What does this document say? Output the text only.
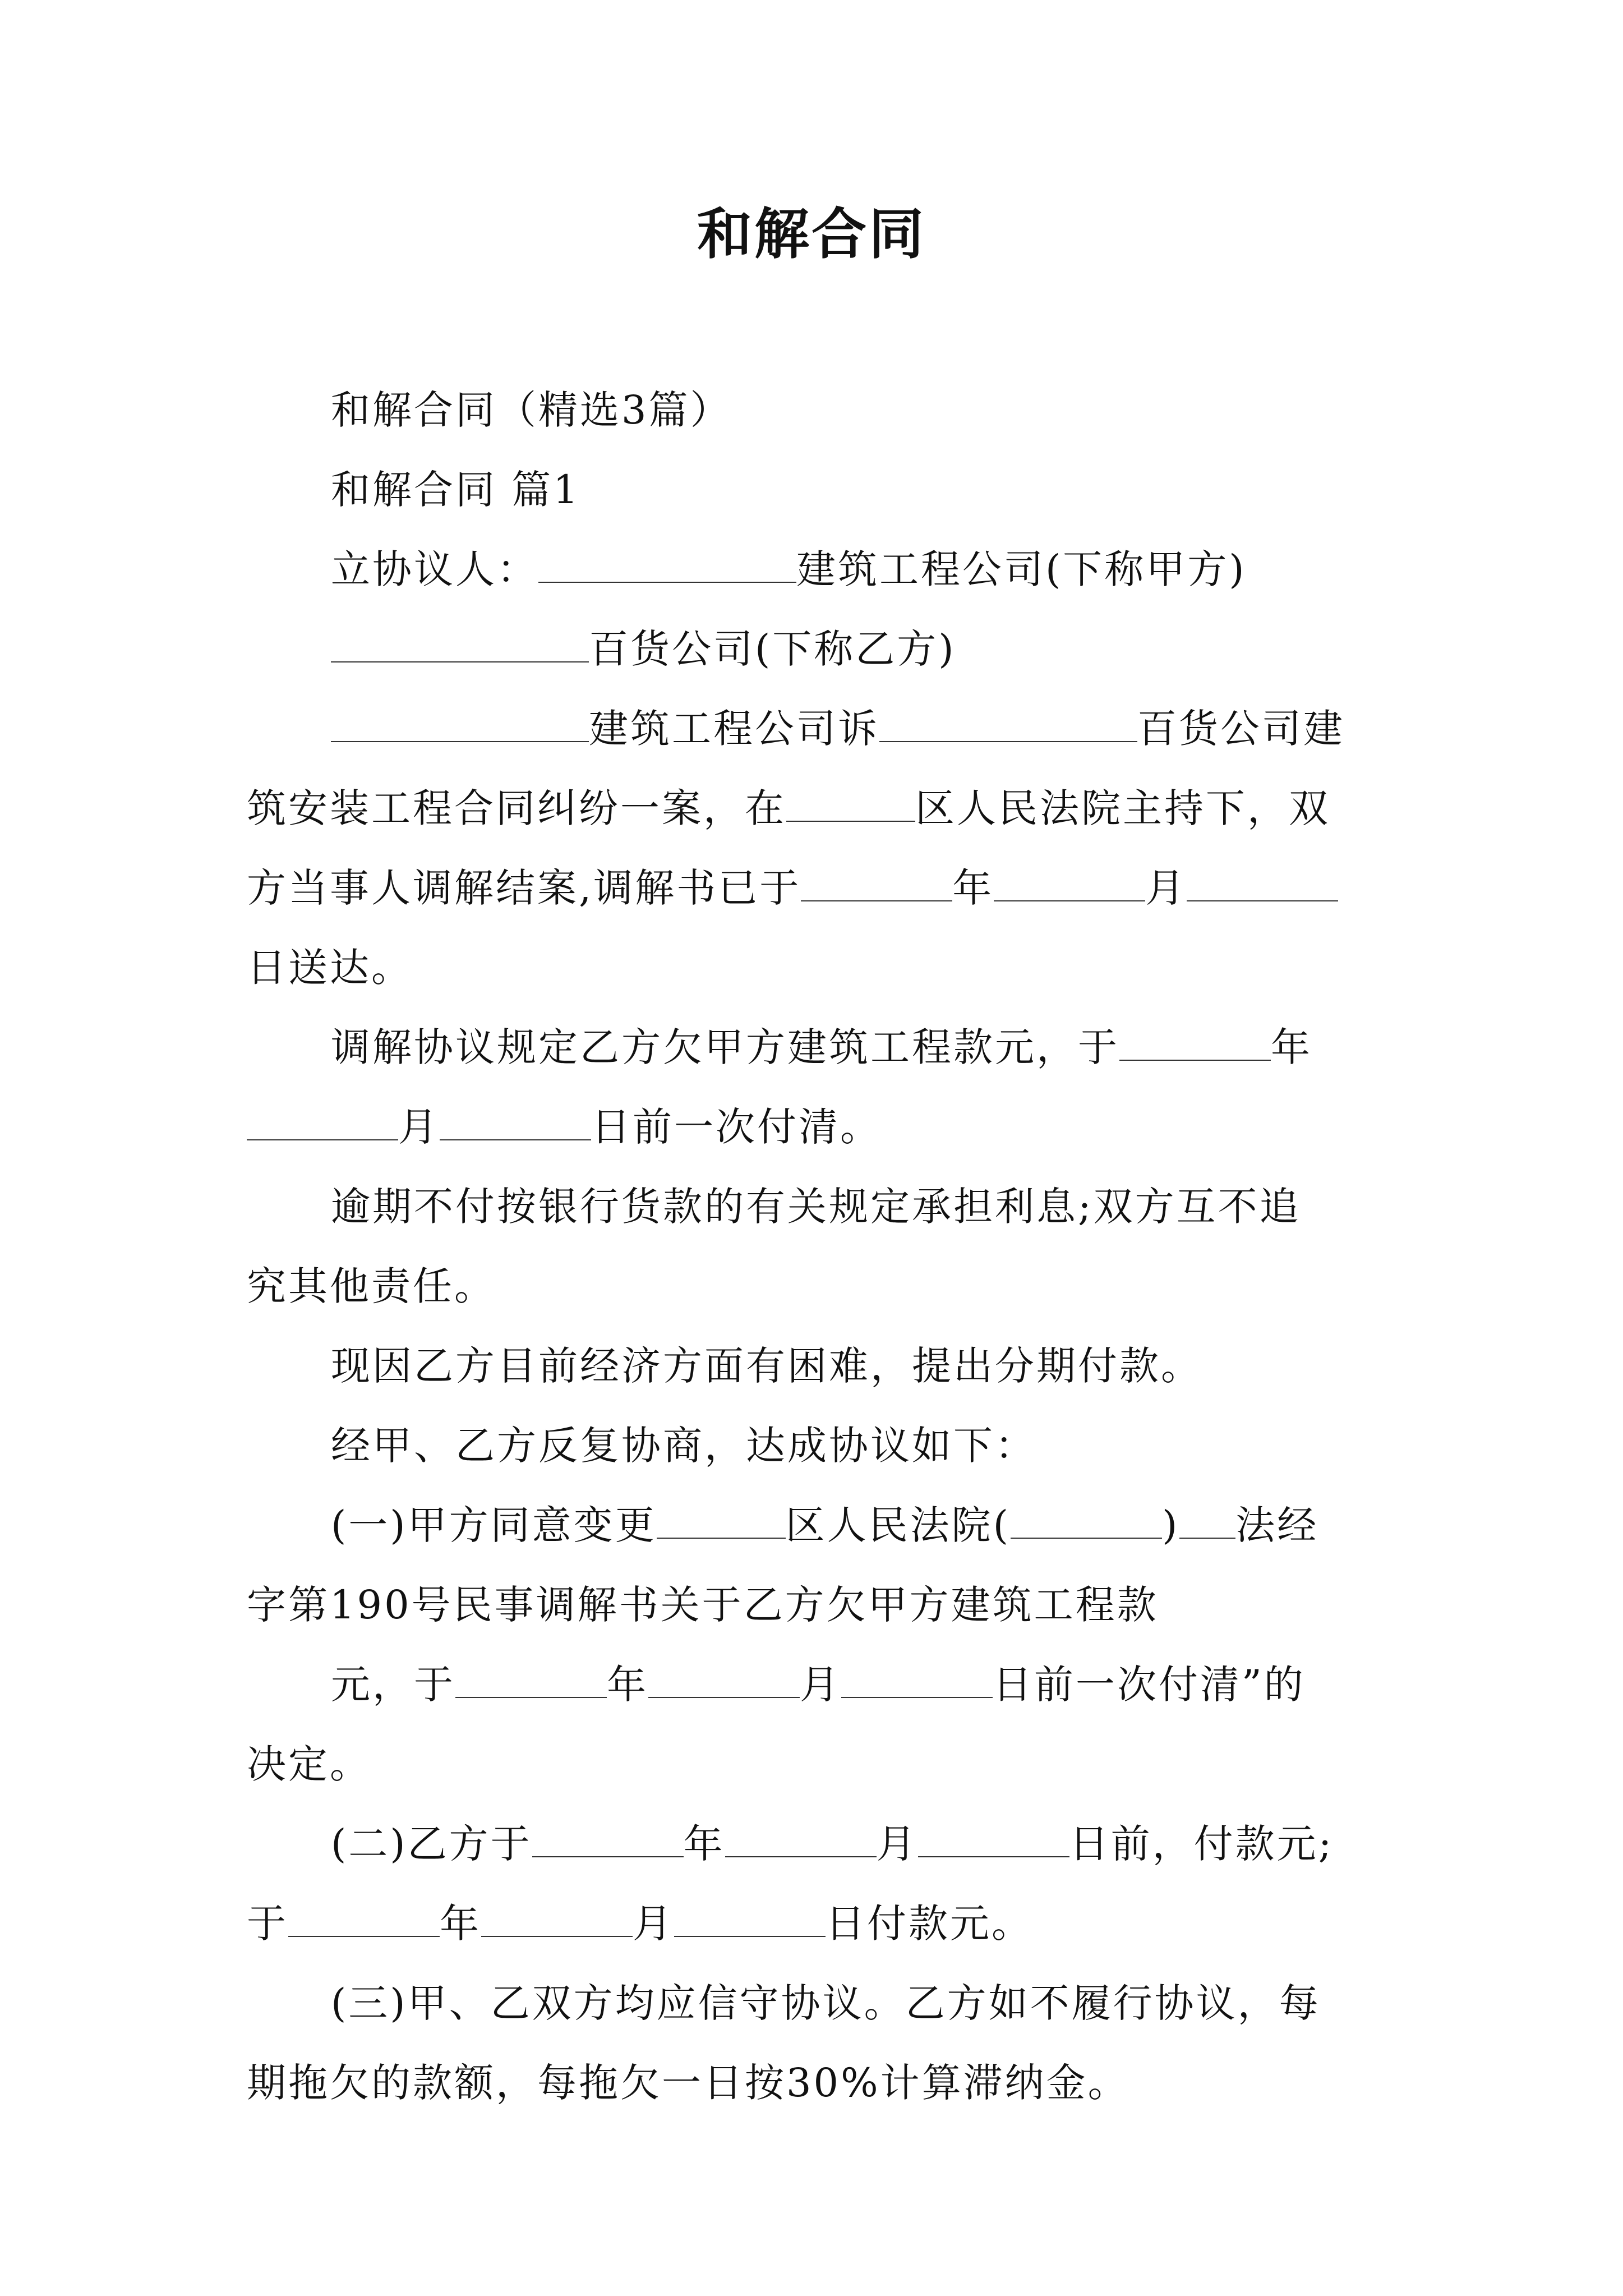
和解合同
和解合同（精选3篇）
和解合同 篇1
立协议人：	建筑工程公司(下称甲方)
百货公司(下称乙方)
建筑工程公司诉	百货公司建
筑安装工程合同纠纷一案，在	区人民法院主持下，双
方当事人调解结案,调解书已于	年	月
日送达。
调解协议规定乙方欠甲方建筑工程款元，于	年
月	日前一次付清。
逾期不付按银行货款的有关规定承担利息;双方互不追
究其他责任。
现因乙方目前经济方面有困难，提出分期付款。
经甲、乙方反复协商，达成协议如下：
(一)甲方同意变更	区人民法院(	) 法经
字第190号民事调解书关于乙方欠甲方建筑工程款
元，于	年	月	日前一次付清”的
决定。
(二)乙方于	年	月	日前，付款元;
于	年	月	日付款元。
(三)甲、乙双方均应信守协议。乙方如不履行协议，每
期拖欠的款额，每拖欠一日按30%计算滞纳金。
